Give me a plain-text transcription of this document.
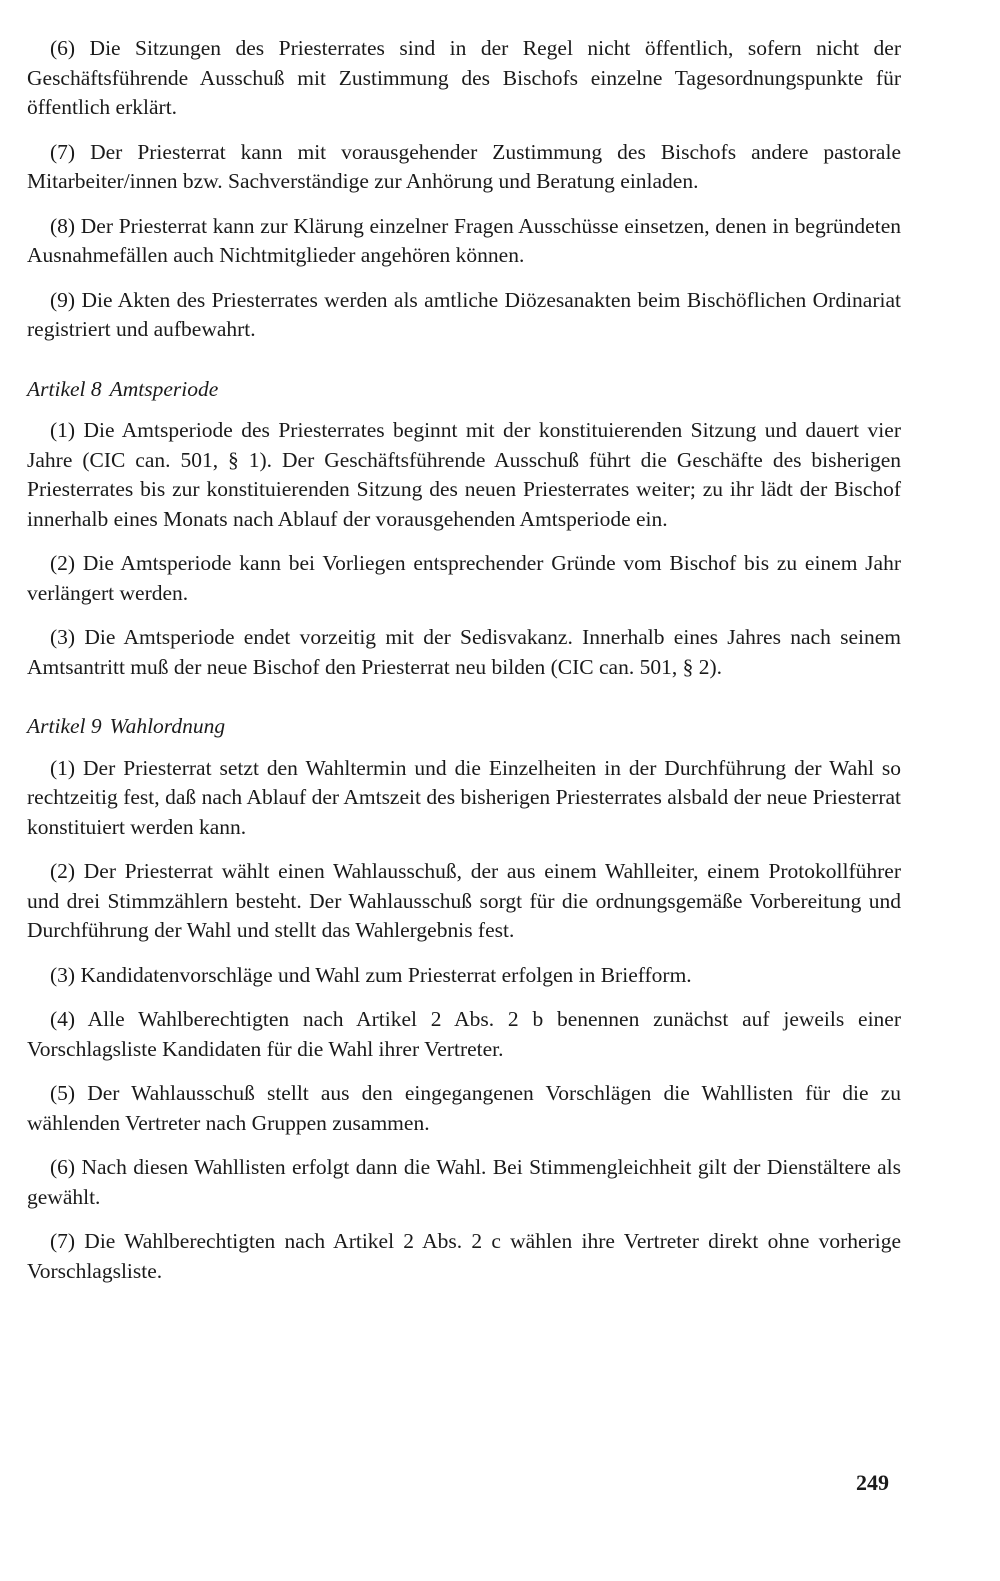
(6) Die Sitzungen des Priesterrates sind in der Regel nicht öffentlich, sofern nicht der Geschäftsführende Ausschuß mit Zustimmung des Bischofs einzelne Tagesordnungspunkte für öffentlich erklärt.

(7) Der Priesterrat kann mit vorausgehender Zustimmung des Bischofs andere pastorale Mitarbeiter/innen bzw. Sachverständige zur Anhörung und Beratung einladen.

(8) Der Priesterrat kann zur Klärung einzelner Fragen Ausschüsse einsetzen, denen in begründeten Ausnahmefällen auch Nichtmitglieder angehören können.

(9) Die Akten des Priesterrates werden als amtliche Diözesanakten beim Bischöflichen Ordinariat registriert und aufbewahrt.

Artikel 8 Amtsperiode

(1) Die Amtsperiode des Priesterrates beginnt mit der konstituierenden Sitzung und dauert vier Jahre (CIC can. 501, § 1). Der Geschäftsführende Ausschuß führt die Geschäfte des bisherigen Priesterrates bis zur konstituierenden Sitzung des neuen Priesterrates weiter; zu ihr lädt der Bischof innerhalb eines Monats nach Ablauf der vorausgehenden Amtsperiode ein.

(2) Die Amtsperiode kann bei Vorliegen entsprechender Gründe vom Bischof bis zu einem Jahr verlängert werden.

(3) Die Amtsperiode endet vorzeitig mit der Sedisvakanz. Innerhalb eines Jahres nach seinem Amtsantritt muß der neue Bischof den Priesterrat neu bilden (CIC can. 501, § 2).

Artikel 9 Wahlordnung

(1) Der Priesterrat setzt den Wahltermin und die Einzelheiten in der Durchführung der Wahl so rechtzeitig fest, daß nach Ablauf der Amtszeit des bisherigen Priesterrates alsbald der neue Priesterrat konstituiert werden kann.

(2) Der Priesterrat wählt einen Wahlausschuß, der aus einem Wahlleiter, einem Protokollführer und drei Stimmzählern besteht. Der Wahlausschuß sorgt für die ordnungsgemäße Vorbereitung und Durchführung der Wahl und stellt das Wahlergebnis fest.

(3) Kandidatenvorschläge und Wahl zum Priesterrat erfolgen in Briefform.

(4) Alle Wahlberechtigten nach Artikel 2 Abs. 2 b benennen zunächst auf jeweils einer Vorschlagsliste Kandidaten für die Wahl ihrer Vertreter.

(5) Der Wahlausschuß stellt aus den eingegangenen Vorschlägen die Wahllisten für die zu wählenden Vertreter nach Gruppen zusammen.

(6) Nach diesen Wahllisten erfolgt dann die Wahl. Bei Stimmengleichheit gilt der Dienstältere als gewählt.

(7) Die Wahlberechtigten nach Artikel 2 Abs. 2 c wählen ihre Vertreter direkt ohne vorherige Vorschlagsliste.

249
